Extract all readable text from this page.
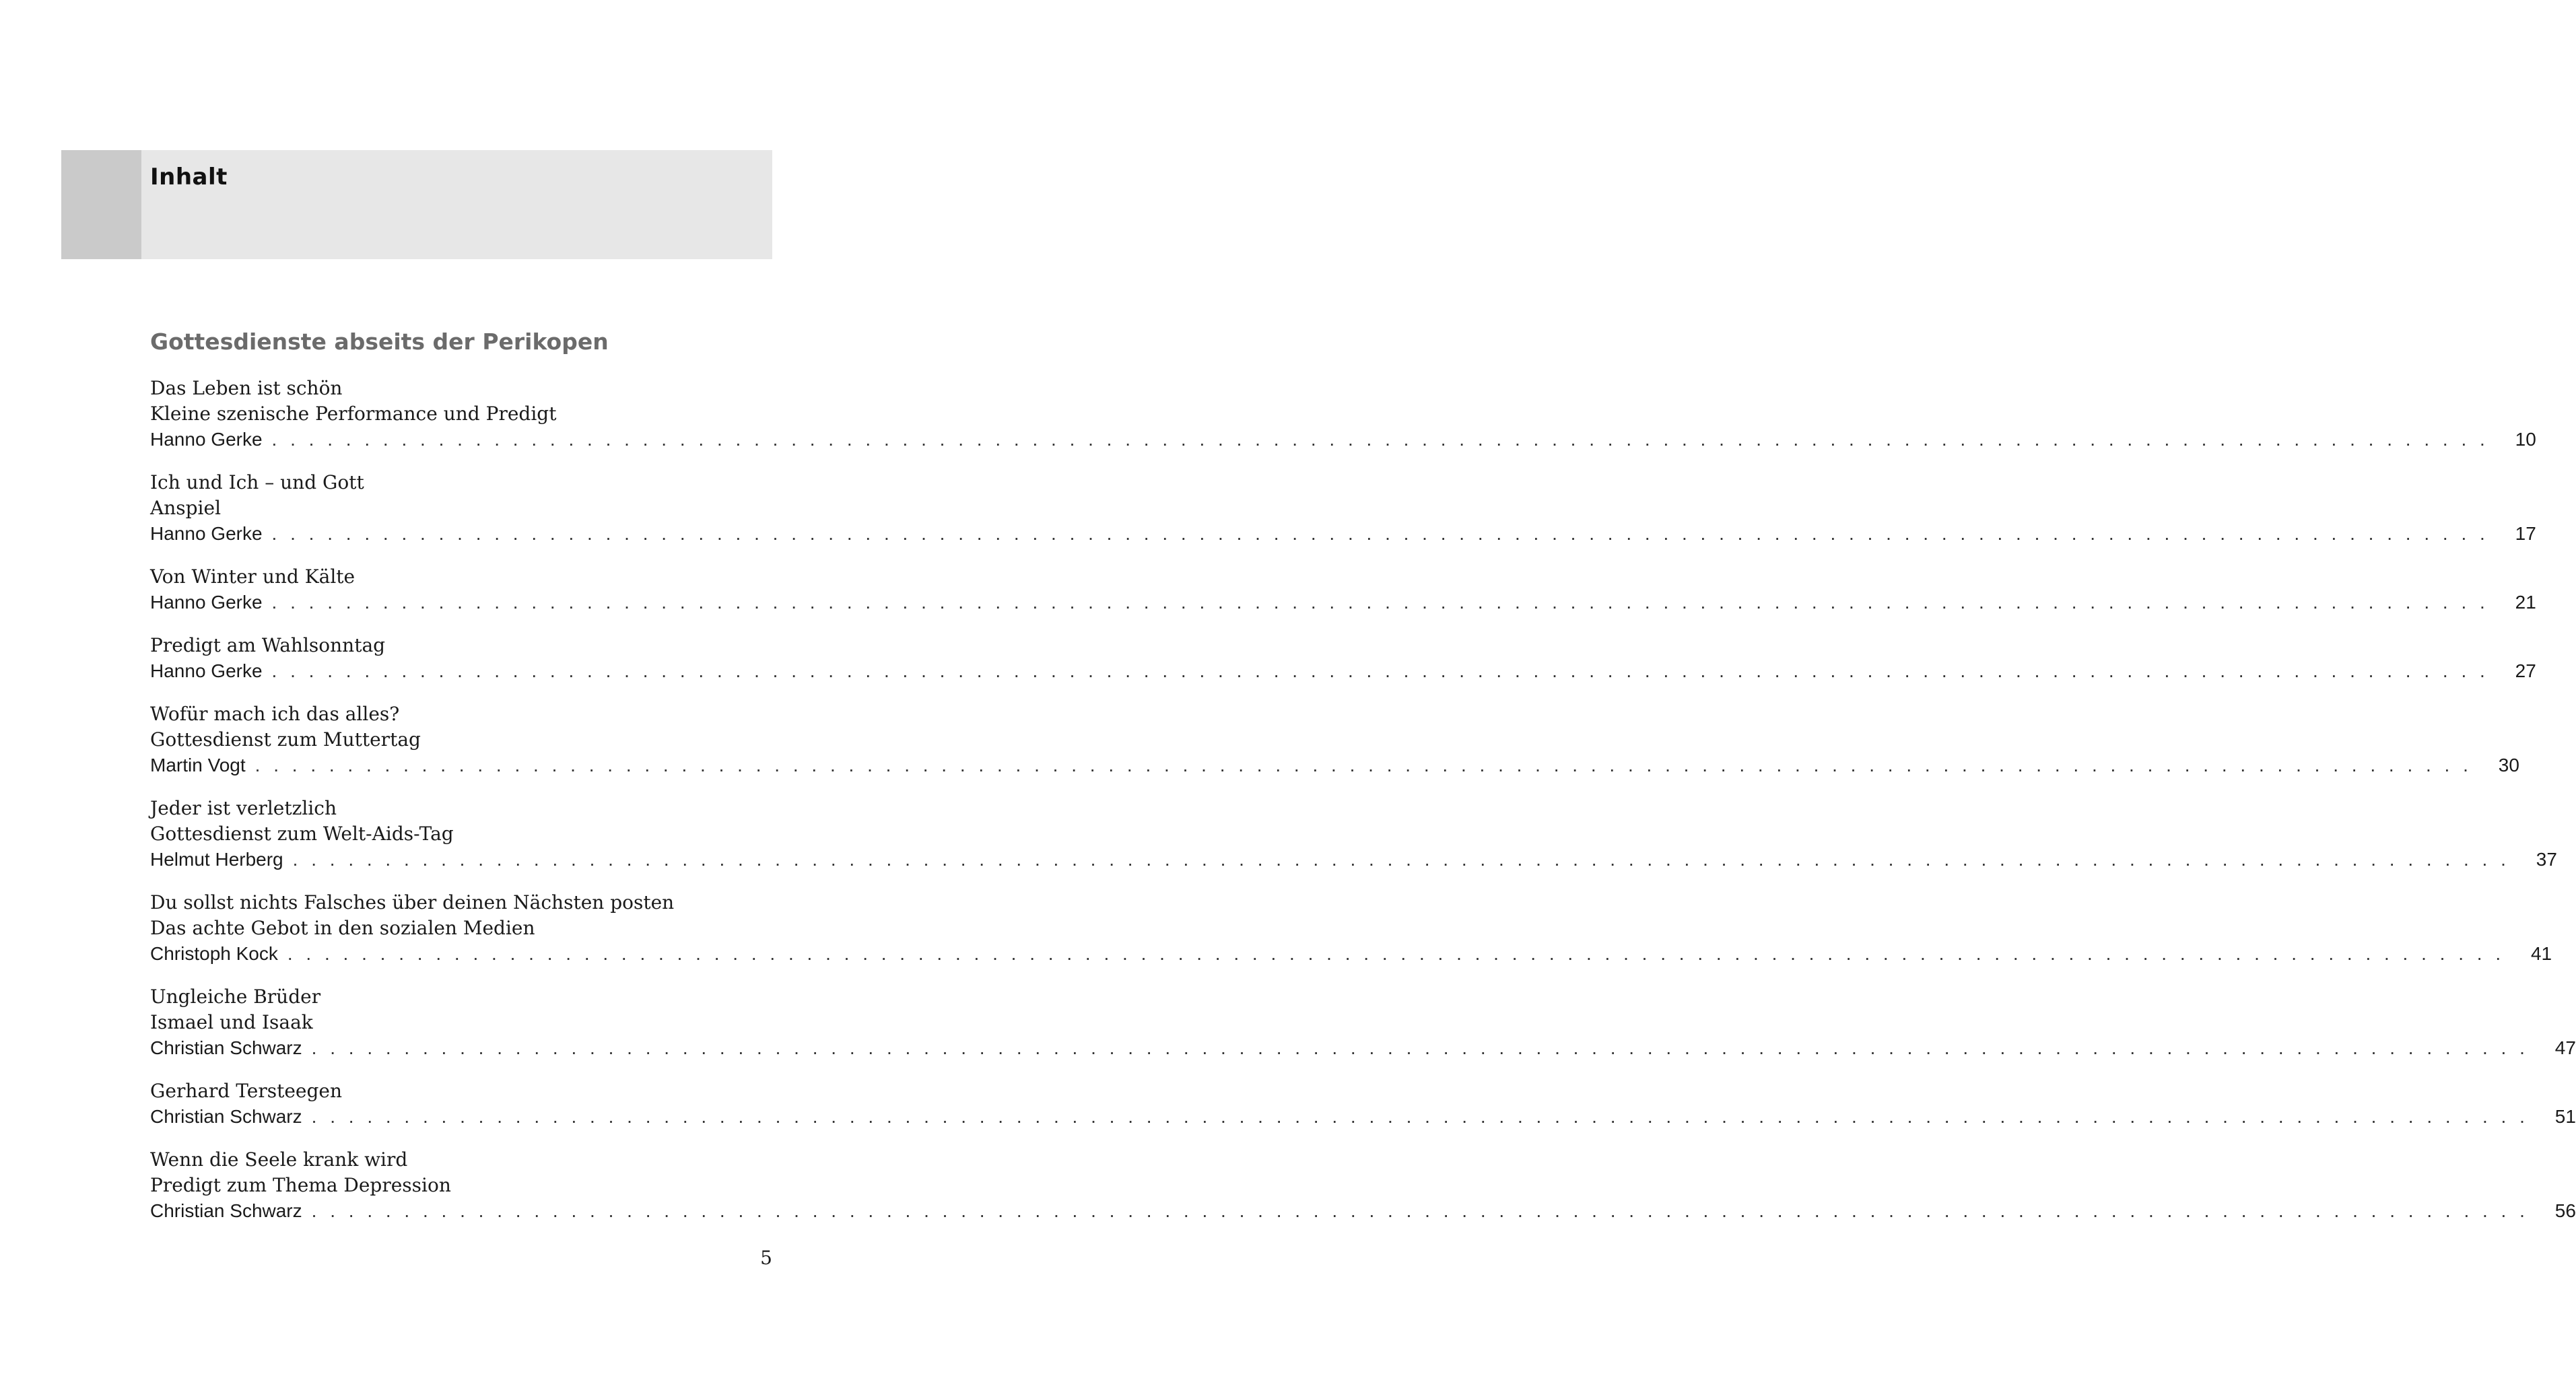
Inhalt
Gottesdienste abseits der Perikopen
Das Leben ist schön
Kleine szenische Performance und Predigt
Hanno Gerke . . . . . . . . . . . . . . . . . . . . . . . . . . . . . . . . . . . . . . . . . . . . . . . . . . . . . . . . . . . . . . . . . . . . . . . . . . . . . . . . . . . . . . . . . . . . . . . . . . . . . . . . . . . . . . . . . . . . . . . .	10
Ich und Ich – und Gott
Anspiel
Hanno Gerke . . . . . . . . . . . . . . . . . . . . . . . . . . . . . . . . . . . . . . . . . . . . . . . . . . . . . . . . . . . . . . . . . . . . . . . . . . . . . . . . . . . . . . . . . . . . . . . . . . . . . . . . . . . . . . . . . . . . . . . .	17
Von Winter und Kälte
Hanno Gerke . . . . . . . . . . . . . . . . . . . . . . . . . . . . . . . . . . . . . . . . . . . . . . . . . . . . . . . . . . . . . . . . . . . . . . . . . . . . . . . . . . . . . . . . . . . . . . . . . . . . . . . . . . . . . . . . . . . . . . . .	21
Predigt am Wahlsonntag
Hanno Gerke . . . . . . . . . . . . . . . . . . . . . . . . . . . . . . . . . . . . . . . . . . . . . . . . . . . . . . . . . . . . . . . . . . . . . . . . . . . . . . . . . . . . . . . . . . . . . . . . . . . . . . . . . . . . . . . . . . . . . . . .	27
Wofür mach ich das alles?
Gottesdienst zum Muttertag
Martin Vogt . . . . . . . . . . . . . . . . . . . . . . . . . . . . . . . . . . . . . . . . . . . . . . . . . . . . . . . . . . . . . . . . . . . . . . . . . . . . . . . . . . . . . . . . . . . . . . . . . . . . . . . . . . . . . . . . . . . . . . . .	30
Jeder ist verletzlich
Gottesdienst zum Welt-Aids-Tag
Helmut Herberg . . . . . . . . . . . . . . . . . . . . . . . . . . . . . . . . . . . . . . . . . . . . . . . . . . . . . . . . . . . . . . . . . . . . . . . . . . . . . . . . . . . . . . . . . . . . . . . . . . . . . . . . . . . . . . . . . . . . . . . .	37
Du sollst nichts Falsches über deinen Nächsten posten
Das achte Gebot in den sozialen Medien
Christoph Kock . . . . . . . . . . . . . . . . . . . . . . . . . . . . . . . . . . . . . . . . . . . . . . . . . . . . . . . . . . . . . . . . . . . . . . . . . . . . . . . . . . . . . . . . . . . . . . . . . . . . . . . . . . . . . . . . . . . . . . . .	41
Ungleiche Brüder
Ismael und Isaak
Christian Schwarz . . . . . . . . . . . . . . . . . . . . . . . . . . . . . . . . . . . . . . . . . . . . . . . . . . . . . . . . . . . . . . . . . . . . . . . . . . . . . . . . . . . . . . . . . . . . . . . . . . . . . . . . . . . . . . . . . . . . . . . .	47
Gerhard Tersteegen
Christian Schwarz . . . . . . . . . . . . . . . . . . . . . . . . . . . . . . . . . . . . . . . . . . . . . . . . . . . . . . . . . . . . . . . . . . . . . . . . . . . . . . . . . . . . . . . . . . . . . . . . . . . . . . . . . . . . . . . . . . . . . . . .	51
Wenn die Seele krank wird
Predigt zum Thema Depression
Christian Schwarz . . . . . . . . . . . . . . . . . . . . . . . . . . . . . . . . . . . . . . . . . . . . . . . . . . . . . . . . . . . . . . . . . . . . . . . . . . . . . . . . . . . . . . . . . . . . . . . . . . . . . . . . . . . . . . . . . . . . . . . .	56
5
